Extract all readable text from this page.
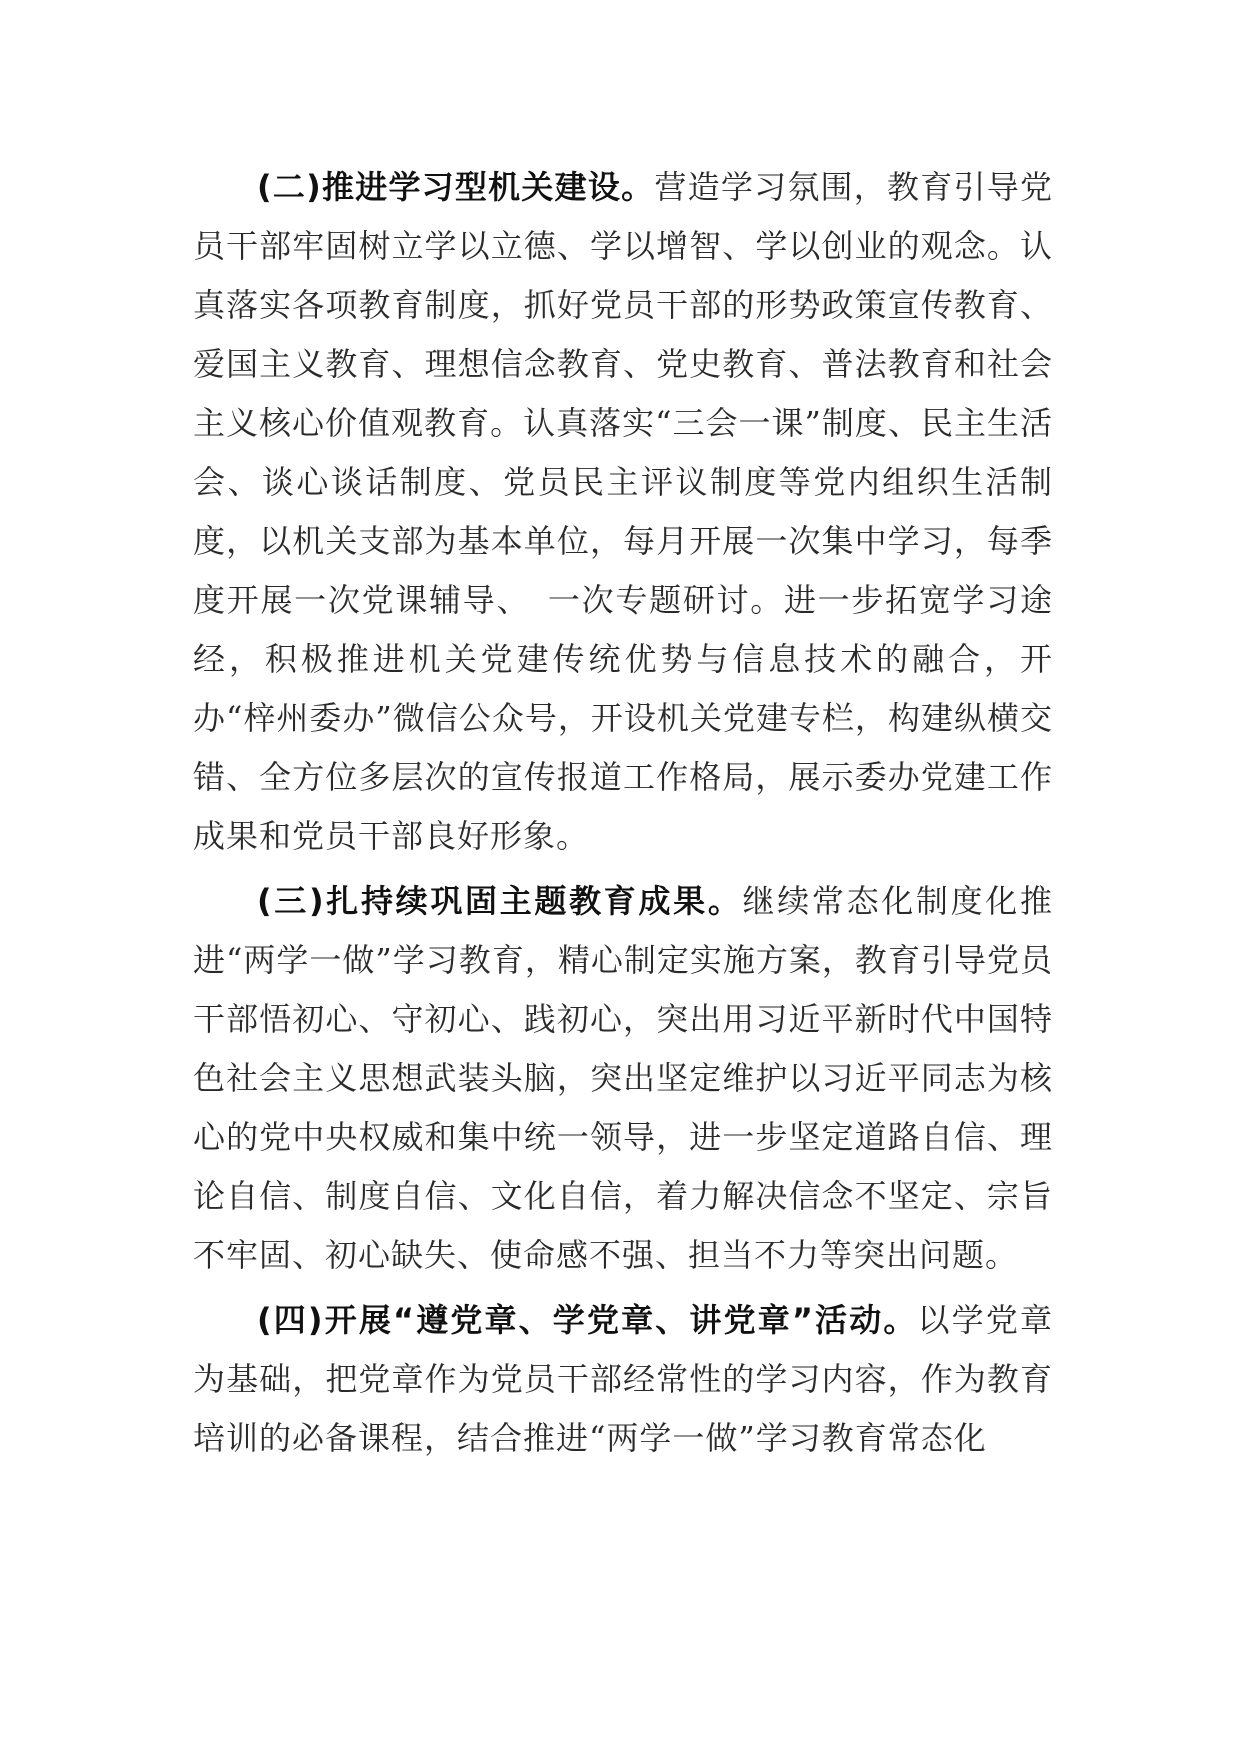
(二)推进学习型机关建设。营造学习氛围，教育引导党员干部牢固树立学以立德、学以增智、学以创业的观念。认真落实各项教育制度，抓好党员干部的形势政策宣传教育、爱国主义教育、理想信念教育、党史教育、普法教育和社会主义核心价值观教育。认真落实“三会一课”制度、民主生活会、谈心谈话制度、党员民主评议制度等党内组织生活制度，以机关支部为基本单位，每月开展一次集中学习，每季度开展一次党课辅导、　一次专题研讨。进一步拓宽学习途经，积极推进机关党建传统优势与信息技术的融合，开办“梓州委办”微信公众号，开设机关党建专栏，构建纵横交错、全方位多层次的宣传报道工作格局，展示委办党建工作成果和党员干部良好形象。

(三)扎持续巩固主题教育成果。继续常态化制度化推进“两学一做”学习教育，精心制定实施方案，教育引导党员干部悟初心、守初心、践初心，突出用习近平新时代中国特色社会主义思想武装头脑，突出坚定维护以习近平同志为核心的党中央权威和集中统一领导，进一步坚定道路自信、理论自信、制度自信、文化自信，着力解决信念不坚定、宗旨不牢固、初心缺失、使命感不强、担当不力等突出问题。

(四)开展“遵党章、学党章、讲党章”活动。以学党章为基础，把党章作为党员干部经常性的学习内容，作为教育培训的必备课程，结合推进“两学一做”学习教育常态化
